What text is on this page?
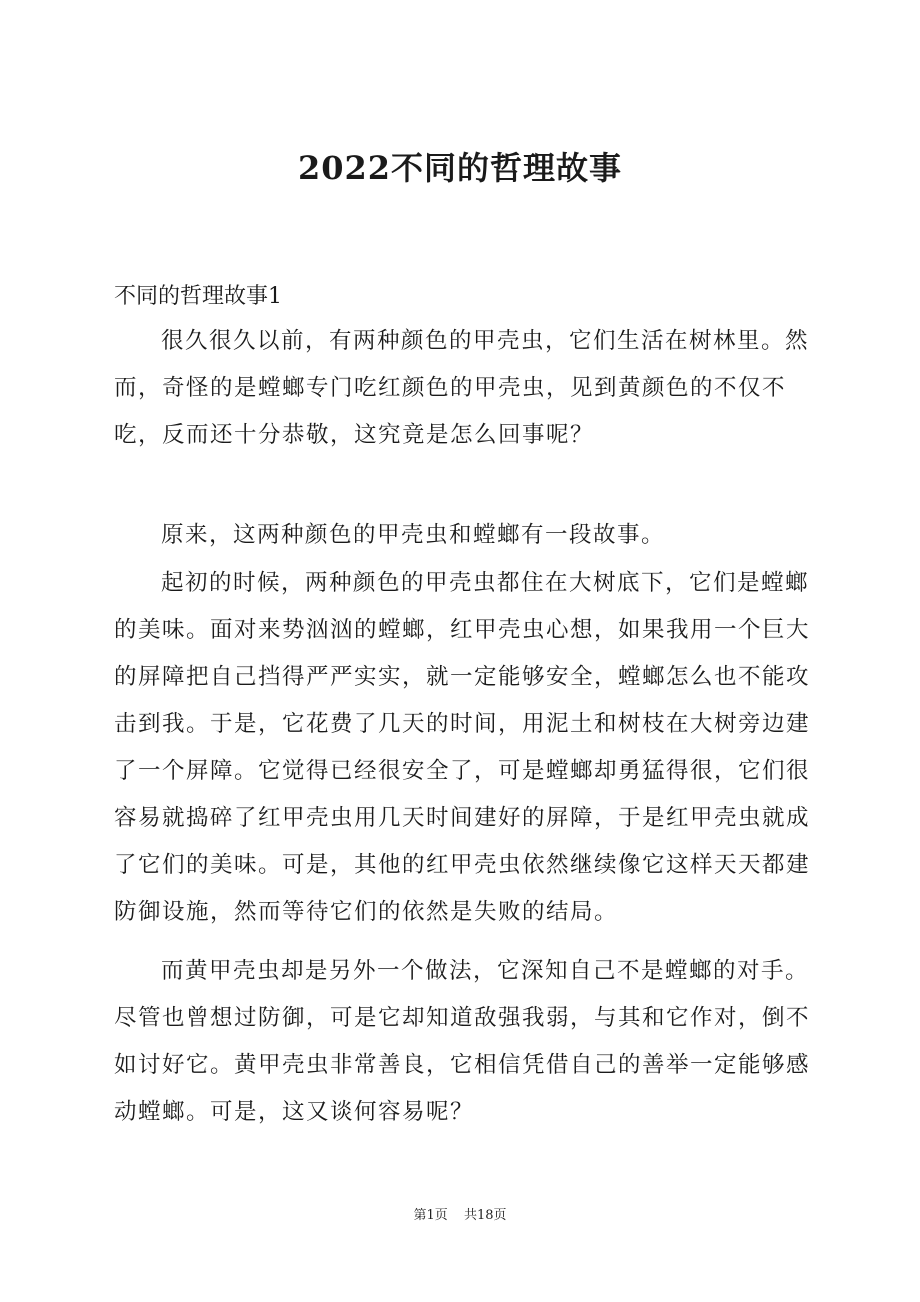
2022不同的哲理故事
不同的哲理故事1

很久很久以前，有两种颜色的甲壳虫，它们生活在树林里。然而，奇怪的是螳螂专门吃红颜色的甲壳虫，见到黄颜色的不仅不吃，反而还十分恭敬，这究竟是怎么回事呢？

原来，这两种颜色的甲壳虫和螳螂有一段故事。

起初的时候，两种颜色的甲壳虫都住在大树底下，它们是螳螂的美味。面对来势汹汹的螳螂，红甲壳虫心想，如果我用一个巨大的屏障把自己挡得严严实实，就一定能够安全，螳螂怎么也不能攻击到我。于是，它花费了几天的时间，用泥土和树枝在大树旁边建了一个屏障。它觉得已经很安全了，可是螳螂却勇猛得很，它们很容易就捣碎了红甲壳虫用几天时间建好的屏障，于是红甲壳虫就成了它们的美味。可是，其他的红甲壳虫依然继续像它这样天天都建防御设施，然而等待它们的依然是失败的结局。

而黄甲壳虫却是另外一个做法，它深知自己不是螳螂的对手。尽管也曾想过防御，可是它却知道敌强我弱，与其和它作对，倒不如讨好它。黄甲壳虫非常善良，它相信凭借自己的善举一定能够感动螳螂。可是，这又谈何容易呢？

第1页 共18页
